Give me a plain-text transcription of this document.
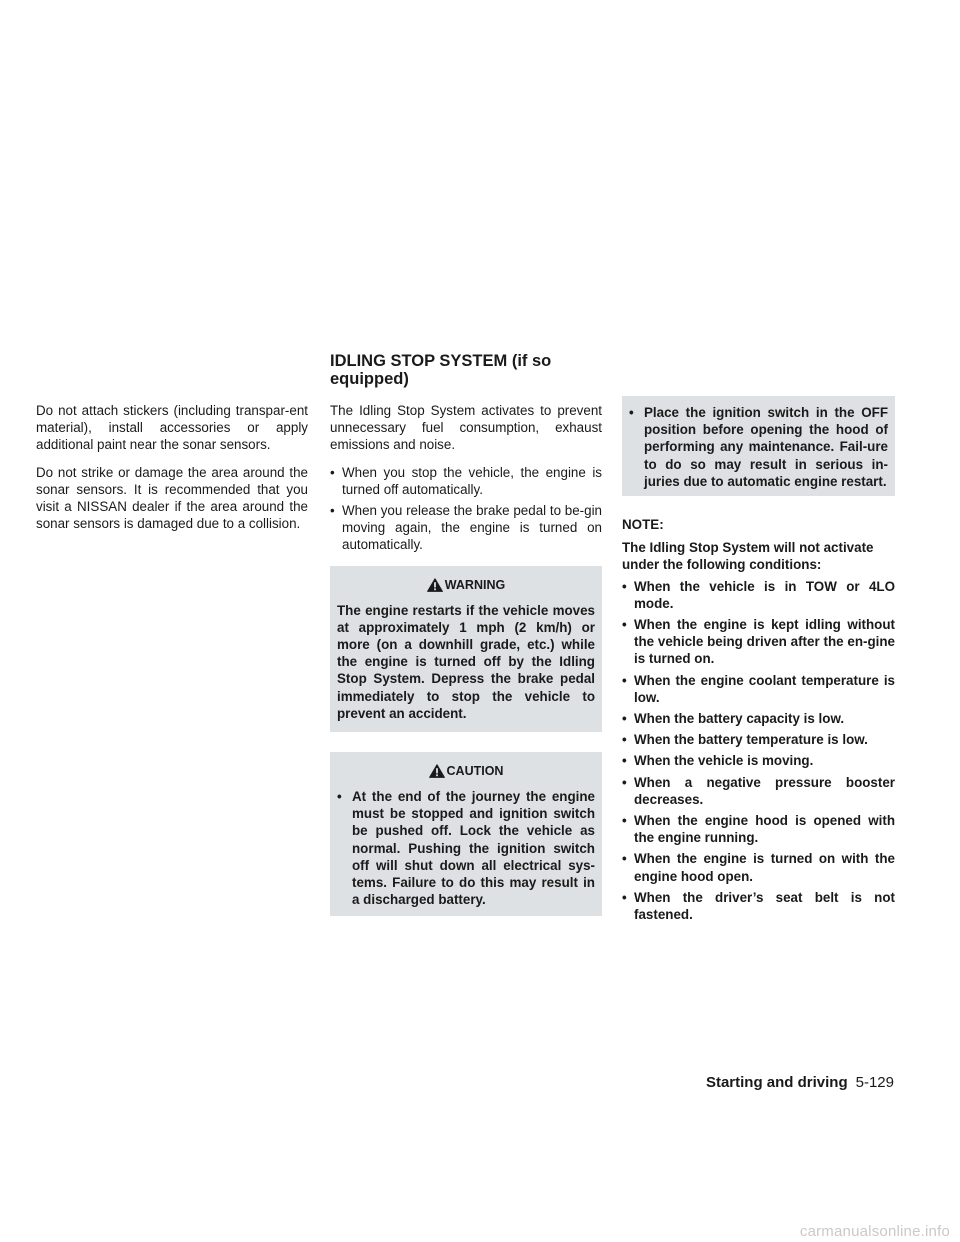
IDLING STOP SYSTEM (if so equipped)

Do not attach stickers (including transpar-ent material), install accessories or apply additional paint near the sonar sensors.

Do not strike or damage the area around the sonar sensors. It is recommended that you visit a NISSAN dealer if the area around the sonar sensors is damaged due to a collision.

The Idling Stop System activates to prevent unnecessary fuel consumption, exhaust emissions and noise.

• When you stop the vehicle, the engine is turned off automatically.
• When you release the brake pedal to be-gin moving again, the engine is turned on automatically.
WARNING

The engine restarts if the vehicle moves at approximately 1 mph (2 km/h) or more (on a downhill grade, etc.) while the engine is turned off by the Idling Stop System. Depress the brake pedal immediately to stop the vehicle to prevent an accident.

CAUTION
• At the end of the journey the engine must be stopped and ignition switch be pushed off. Lock the vehicle as normal. Pushing the ignition switch off will shut down all electrical sys-tems. Failure to do this may result in a discharged battery.
• Place the ignition switch in the OFF position before opening the hood of performing any maintenance. Fail-ure to do so may result in serious in-juries due to automatic engine restart.

NOTE:

The Idling Stop System will not activate under the following conditions:

• When the vehicle is in TOW or 4LO mode.
• When the engine is kept idling without the vehicle being driven after the en-gine is turned on.
• When the engine coolant temperature is low.
• When the battery capacity is low.
• When the battery temperature is low.
• When the vehicle is moving.
• When a negative pressure booster decreases.
• When the engine hood is opened with the engine running.
• When the engine is turned on with the engine hood open.
• When the driver’s seat belt is not fastened.
Starting and driving 5-129
carmanualsonline.info
